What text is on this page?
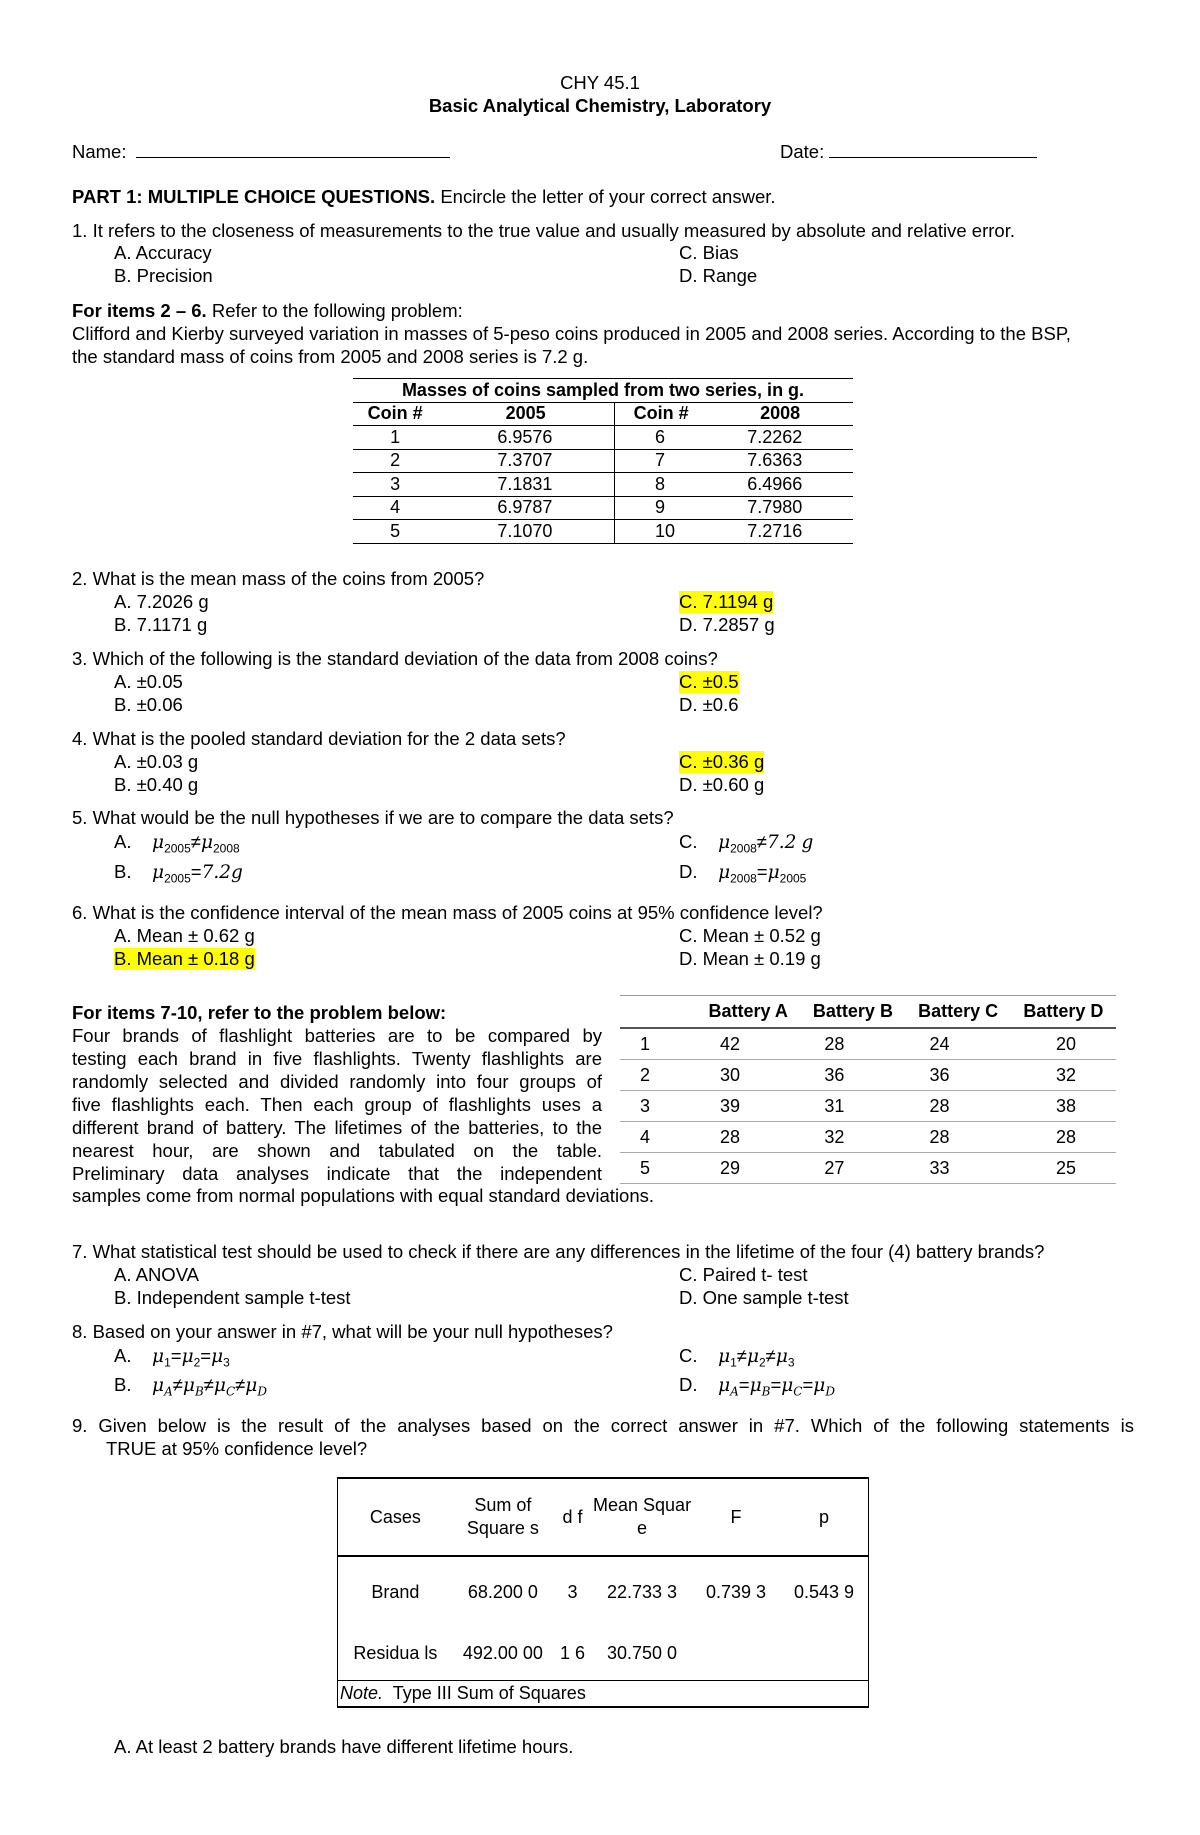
CHY 45.1
Basic Analytical Chemistry, Laboratory
Name:	Date:
PART 1: MULTIPLE CHOICE QUESTIONS. Encircle the letter of your correct answer.
1. It refers to the closeness of measurements to the true value and usually measured by absolute and relative error.
A. Accuracy
B. Precision
C. Bias
D. Range
For items 2 – 6. Refer to the following problem:
Clifford and Kierby surveyed variation in masses of 5-peso coins produced in 2005 and 2008 series. According to the BSP,
the standard mass of coins from 2005 and 2008 series is 7.2 g.
Masses of coins sampled from two series, in g.			
Coin #	2005	Coin #	2008
1	6.9576	6	7.2262
2	7.3707	7	7.6363
3	7.1831	8	6.4966
4	6.9787	9	7.7980
5	7.1070	10	7.2716
2. What is the mean mass of the coins from 2005?
A. 7.2026 g
B. 7.1171 g
C. 7.1194 g
D. 7.2857 g
3. Which of the following is the standard deviation of the data from 2008 coins?
A. ±0.05
B. ±0.06
C. ±0.5
D. ±0.6
4. What is the pooled standard deviation for the 2 data sets?
A. ±0.03 g
B. ±0.40 g
C. ±0.36 g
D. ±0.60 g
5. What would be the null hypotheses if we are to compare the data sets?
A. $\mu_{2005}\ne\mu_{2008}$
B. $\mu_{2005}=7.2g$
C. $\mu_{2008}\ne 7.2$ g
D. $\mu_{2008}=\mu_{2005}$
6. What is the confidence interval of the mean mass of 2005 coins at 95% confidence level?
A. Mean ± 0.62 g
B. Mean ± 0.18 g
C. Mean ± 0.52 g
D. Mean ± 0.19 g
For items 7-10, refer to the problem below:
Four brands of flashlight batteries are to be compared by
testing each brand in five flashlights. Twenty flashlights are
randomly selected and divided randomly into four groups of
five flashlights each. Then each group of flashlights uses a
different brand of battery. The lifetimes of the batteries, to the
nearest hour, are shown and tabulated on the table.
Preliminary data analyses indicate that the independent
samples come from normal populations with equal standard deviations.
	Battery A	Battery B	Battery C	Battery D
1	42	28	24	20
2	30	36	36	32
3	39	31	28	38
4	28	32	28	28
5	29	27	33	25
7. What statistical test should be used to check if there are any differences in the lifetime of the four (4) battery brands?
A. ANOVA
B. Independent sample t-test
C. Paired t- test
D. One sample t-test
8. Based on your answer in #7, what will be your null hypotheses?
A. $\mu_1=\mu_2=\mu_3$
B. $\mu_A\ne\mu_B\ne\mu_C\ne\mu_D$
C. $\mu_1\ne\mu_2\ne\mu_3$
D. $\mu_A=\mu_B=\mu_C=\mu_D$
9. Given below is the result of the analyses based on the correct answer in #7. Which of the following statements is
TRUE at 95% confidence level?
Cases	Sum of Square s	d f	Mean Squar e	F	p
Brand	68.200 0	3	22.733 3	0.739 3	0.543 9
Residua ls	492.00 00	1 6	30.750 0		
Note. Type III Sum of Squares					
A. At least 2 battery brands have different lifetime hours.
